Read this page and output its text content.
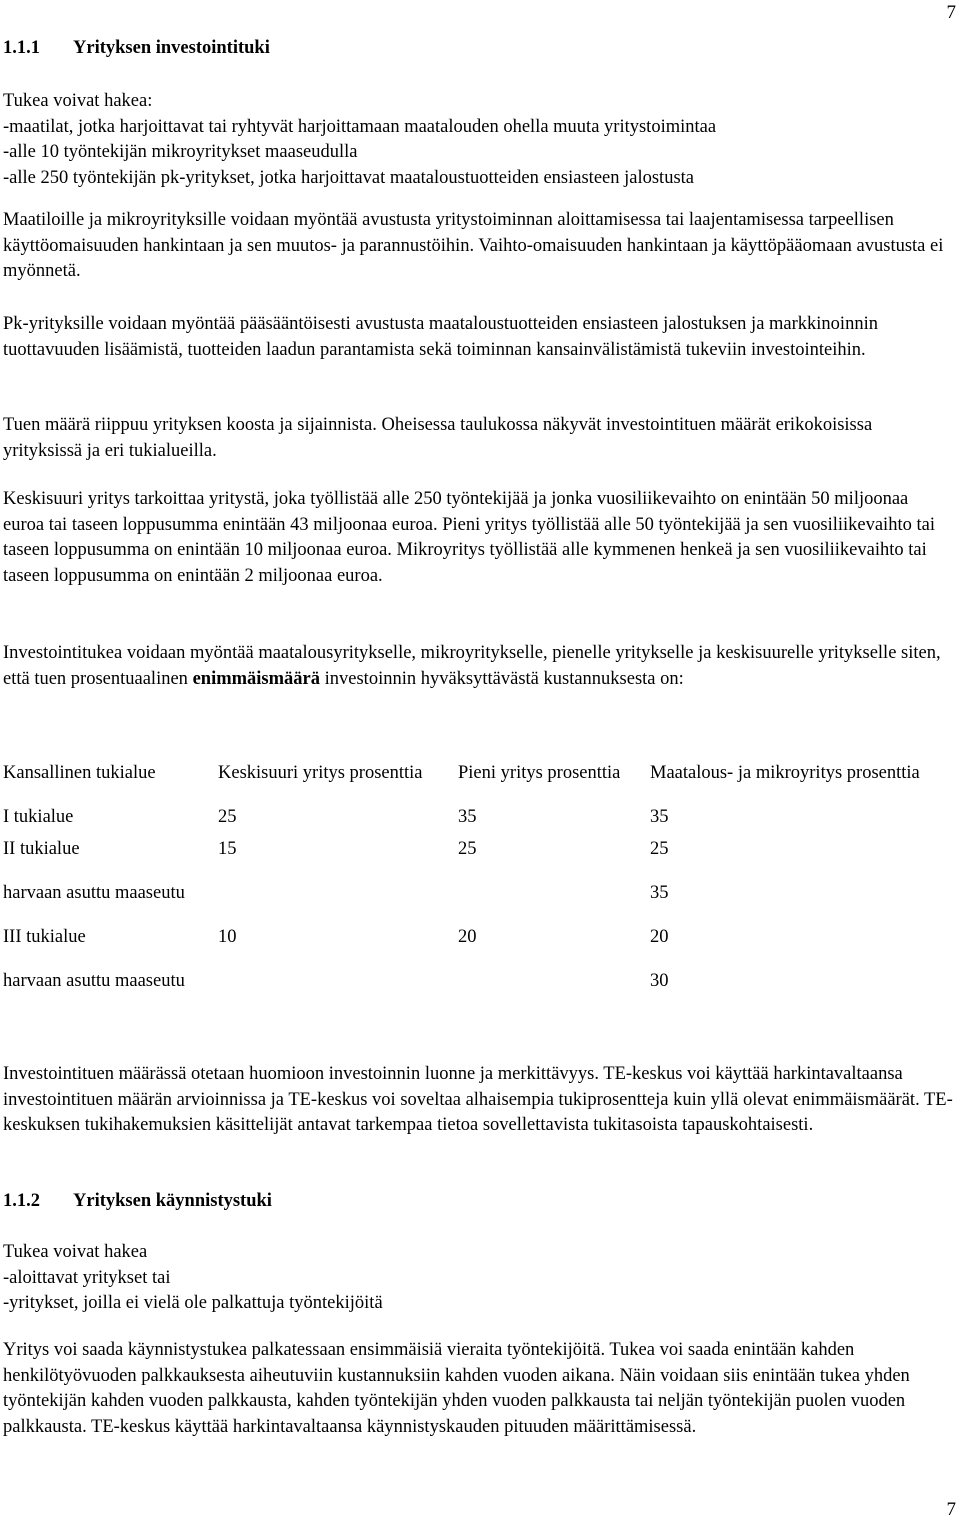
7
1.1.1 Yrityksen investointituki

Tukea voivat hakea:

-maatilat, jotka harjoittavat tai ryhtyvät harjoittamaan maatalouden ohella muuta yritystoimintaa

-alle 10 työntekijän mikroyritykset maaseudulla

-alle 250 työntekijän pk-yritykset, jotka harjoittavat maataloustuotteiden ensiasteen jalostusta

Maatiloille ja mikroyrityksille voidaan myöntää avustusta yritystoiminnan aloittamisessa tai laajentamisessa tarpeellisen käyttöomaisuuden hankintaan ja sen muutos- ja parannustöihin. Vaihto-omaisuuden hankintaan ja käyttöpääomaan avustusta ei myönnetä.

Pk-yrityksille voidaan myöntää pääsääntöisesti avustusta maataloustuotteiden ensiasteen jalostuksen ja markkinoinnin tuottavuuden lisäämistä, tuotteiden laadun parantamista sekä toiminnan kansainvälistämistä tukeviin investointeihin.

Tuen määrä riippuu yrityksen koosta ja sijainnista. Oheisessa taulukossa näkyvät investointituen määrät erikokoisissa yrityksissä ja eri tukialueilla.

Keskisuuri yritys tarkoittaa yritystä, joka työllistää alle 250 työntekijää ja jonka vuosiliikevaihto on enintään 50 miljoonaa euroa tai taseen loppusumma enintään 43 miljoonaa euroa. Pieni yritys työllistää alle 50 työntekijää ja sen vuosiliikevaihto tai taseen loppusumma on enintään 10 miljoonaa euroa. Mikroyritys työllistää alle kymmenen henkeä ja sen vuosiliikevaihto tai taseen loppusumma on enintään 2 miljoonaa euroa.

Investointitukea voidaan myöntää maatalousyritykselle, mikroyritykselle, pienelle yritykselle ja keskisuurelle yritykselle siten, että tuen prosentuaalinen enimmäismäärä investoinnin hyväksyttävästä kustannuksesta on:

Kansallinen tukialue	Keskisuuri yritys prosenttia	Pieni yritys prosenttia	Maatalous- ja mikroyritys prosenttia
I tukialue	25	35	35
II tukialue	15	25	25
harvaan asuttu maaseutu			35
III tukialue	10	20	20
harvaan asuttu maaseutu			30

Investointituen määrässä otetaan huomioon investoinnin luonne ja merkittävyys. TE-keskus voi käyttää harkintavaltaansa investointituen määrän arvioinnissa ja TE-keskus voi soveltaa alhaisempia tukiprosentteja kuin yllä olevat enimmäismäärät. TE-keskuksen tukihakemuksien käsittelijät antavat tarkempaa tietoa sovellettavista tukitasoista tapauskohtaisesti.

1.1.2 Yrityksen käynnistystuki

Tukea voivat hakea

-aloittavat yritykset tai

-yritykset, joilla ei vielä ole palkattuja työntekijöitä

Yritys voi saada käynnistystukea palkatessaan ensimmäisiä vieraita työntekijöitä. Tukea voi saada enintään kahden henkilötyövuoden palkkauksesta aiheutuviin kustannuksiin kahden vuoden aikana. Näin voidaan siis enintään tukea yhden työntekijän kahden vuoden palkkausta, kahden työntekijän yhden vuoden palkkausta tai neljän työntekijän puolen vuoden palkkausta. TE-keskus käyttää harkintavaltaansa käynnistyskauden pituuden määrittämisessä.

7
